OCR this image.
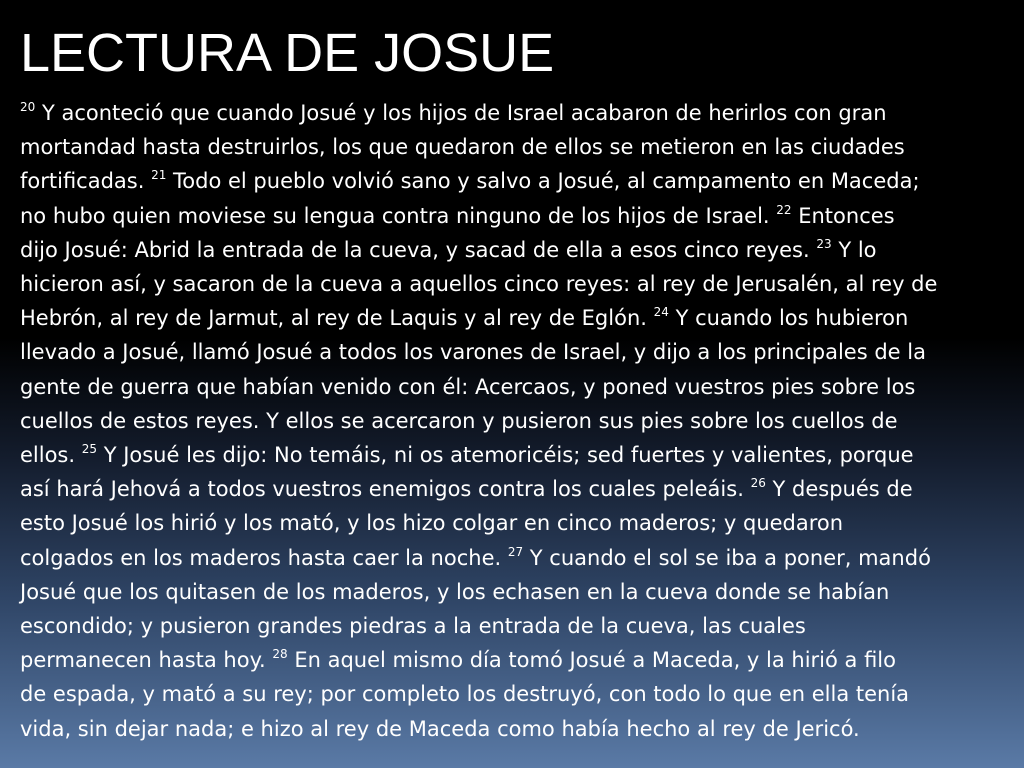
LECTURA DE JOSUE
$^{20}$ Y aconteció que cuando Josué y los hijos de Israel acabaron de herirlos con gran
mortandad hasta destruirlos, los que quedaron de ellos se metieron en las ciudades
fortificadas. $^{21}$ Todo el pueblo volvió sano y salvo a Josué, al campamento en Maceda;
no hubo quien moviese su lengua contra ninguno de los hijos de Israel. $^{22}$ Entonces
dijo Josué: Abrid la entrada de la cueva, y sacad de ella a esos cinco reyes. $^{23}$ Y lo
hicieron así, y sacaron de la cueva a aquellos cinco reyes: al rey de Jerusalén, al rey de
Hebrón, al rey de Jarmut, al rey de Laquis y al rey de Eglón. $^{24}$ Y cuando los hubieron
llevado a Josué, llamó Josué a todos los varones de Israel, y dijo a los principales de la
gente de guerra que habían venido con él: Acercaos, y poned vuestros pies sobre los
cuellos de estos reyes. Y ellos se acercaron y pusieron sus pies sobre los cuellos de
ellos. $^{25}$ Y Josué les dijo: No temáis, ni os atemoricéis; sed fuertes y valientes, porque
así hará Jehová a todos vuestros enemigos contra los cuales peleáis. $^{26}$ Y después de
esto Josué los hirió y los mató, y los hizo colgar en cinco maderos; y quedaron
colgados en los maderos hasta caer la noche. $^{27}$ Y cuando el sol se iba a poner, mandó
Josué que los quitasen de los maderos, y los echasen en la cueva donde se habían
escondido; y pusieron grandes piedras a la entrada de la cueva, las cuales
permanecen hasta hoy. $^{28}$ En aquel mismo día tomó Josué a Maceda, y la hirió a filo
de espada, y mató a su rey; por completo los destruyó, con todo lo que en ella tenía
vida, sin dejar nada; e hizo al rey de Maceda como había hecho al rey de Jericó.
